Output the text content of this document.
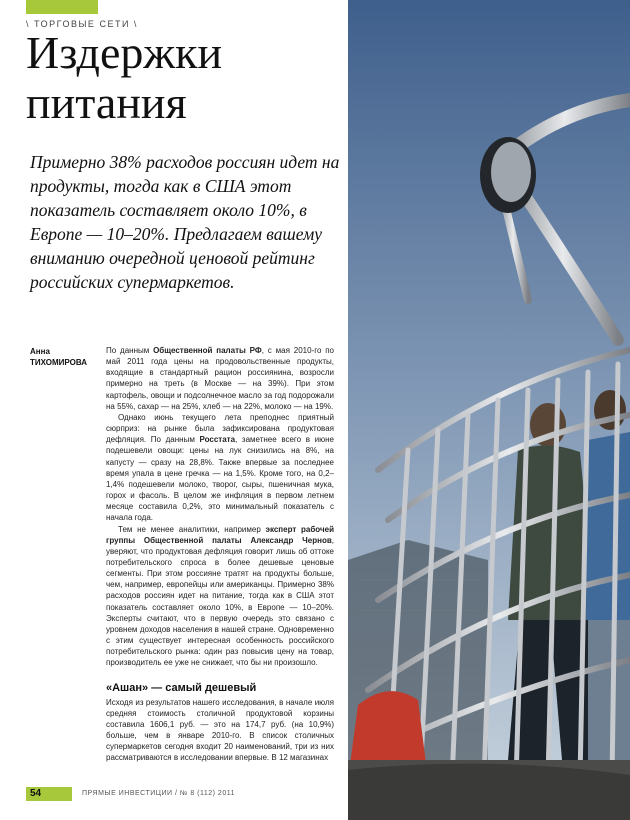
\ ТОРГОВЫЕ СЕТИ \
Издержки
питания
Примерно 38% расходов россиян идет на продукты, тогда как в США этот показатель составляет около 10%, в Европе — 10–20%. Предлагаем вашему вниманию очередной ценовой рейтинг российских супермаркетов.
Анна
ТИХОМИРОВА

По данным Общественной палаты РФ, с мая 2010-го по май 2011 года цены на продовольственные продукты, входящие в стандартный рацион россиянина, возросли примерно на треть (в Москве — на 39%). При этом картофель, овощи и подсолнечное масло за год подорожали на 55%, сахар — на 25%, хлеб — на 22%, молоко — на 19%.

Однако июнь текущего лета преподнес приятный сюрприз: на рынке была зафиксирована продуктовая дефляция. По данным Росстата, заметнее всего в июне подешевели овощи: цены на лук снизились на 8%, на капусту — сразу на 28,8%. Также впервые за последнее время упала в цене гречка — на 1,5%. Кроме того, на 0,2–1,4% подешевели молоко, творог, сыры, пшеничная мука, горох и фасоль. В целом же инфляция в первом летнем месяце составила 0,2%, это минимальный показатель с начала года.

Тем не менее аналитики, например эксперт рабочей группы Общественной палаты Александр Чернов, уверяют, что продуктовая дефляция говорит лишь об оттоке потребительского спроса в более дешевые ценовые сегменты. При этом россияне тратят на продукты больше, чем, например, европейцы или американцы. Примерно 38% расходов россиян идет на питание, тогда как в США этот показатель составляет около 10%, в Европе — 10–20%. Эксперты считают, что в первую очередь это связано с уровнем доходов населения в нашей стране. Одновременно с этим существует интересная особенность российского потребительского рынка: один раз повысив цену на товар, производитель ее уже не снижает, что бы ни произошло.

«Ашан» — самый дешевый

Исходя из результатов нашего исследования, в начале июля средняя стоимость столичной продуктовой корзины составила 1606,1 руб. — это на 174,7 руб. (на 10,9%) больше, чем в январе 2010-го. В список столичных супермаркетов сегодня входит 20 наименований, три из них рассматриваются в исследовании впервые. В 12 магазинах

54	ПРЯМЫЕ ИНВЕСТИЦИИ / № 8 (112) 2011
